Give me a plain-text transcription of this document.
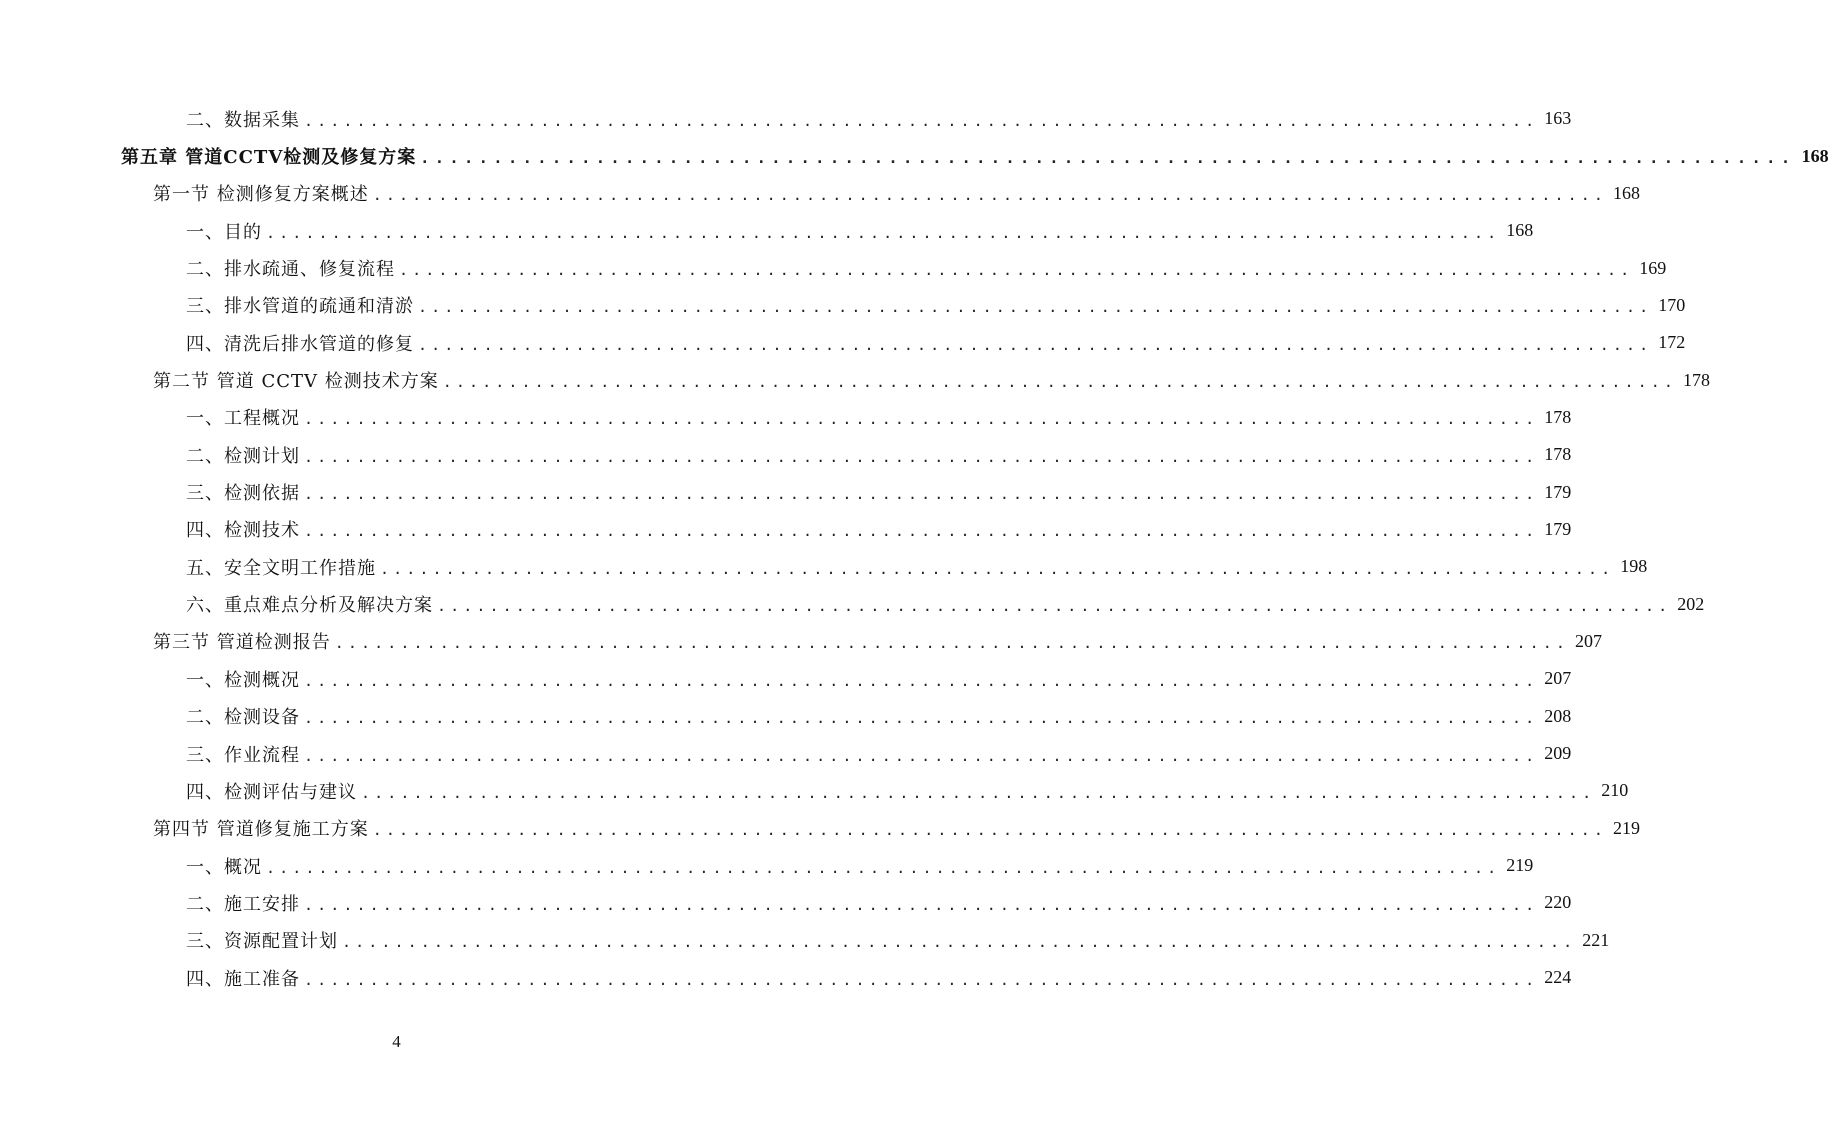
二、数据采集 .............................................................................................. 163
第五章 管道CCTV检测及修复方案 .............................................................................................. 168
第一节 检测修复方案概述 .............................................................................................. 168
一、目的 .............................................................................................. 168
二、排水疏通、修复流程 .............................................................................................. 169
三、排水管道的疏通和清淤 .............................................................................................. 170
四、清洗后排水管道的修复 .............................................................................................. 172
第二节 管道 CCTV 检测技术方案 .............................................................................................. 178
一、工程概况 .............................................................................................. 178
二、检测计划 .............................................................................................. 178
三、检测依据 .............................................................................................. 179
四、检测技术 .............................................................................................. 179
五、安全文明工作措施 .............................................................................................. 198
六、重点难点分析及解决方案 .............................................................................................. 202
第三节 管道检测报告 .............................................................................................. 207
一、检测概况 .............................................................................................. 207
二、检测设备 .............................................................................................. 208
三、作业流程 .............................................................................................. 209
四、检测评估与建议 .............................................................................................. 210
第四节 管道修复施工方案 .............................................................................................. 219
一、概况 .............................................................................................. 219
二、施工安排 .............................................................................................. 220
三、资源配置计划 .............................................................................................. 221
四、施工准备 .............................................................................................. 224
4
